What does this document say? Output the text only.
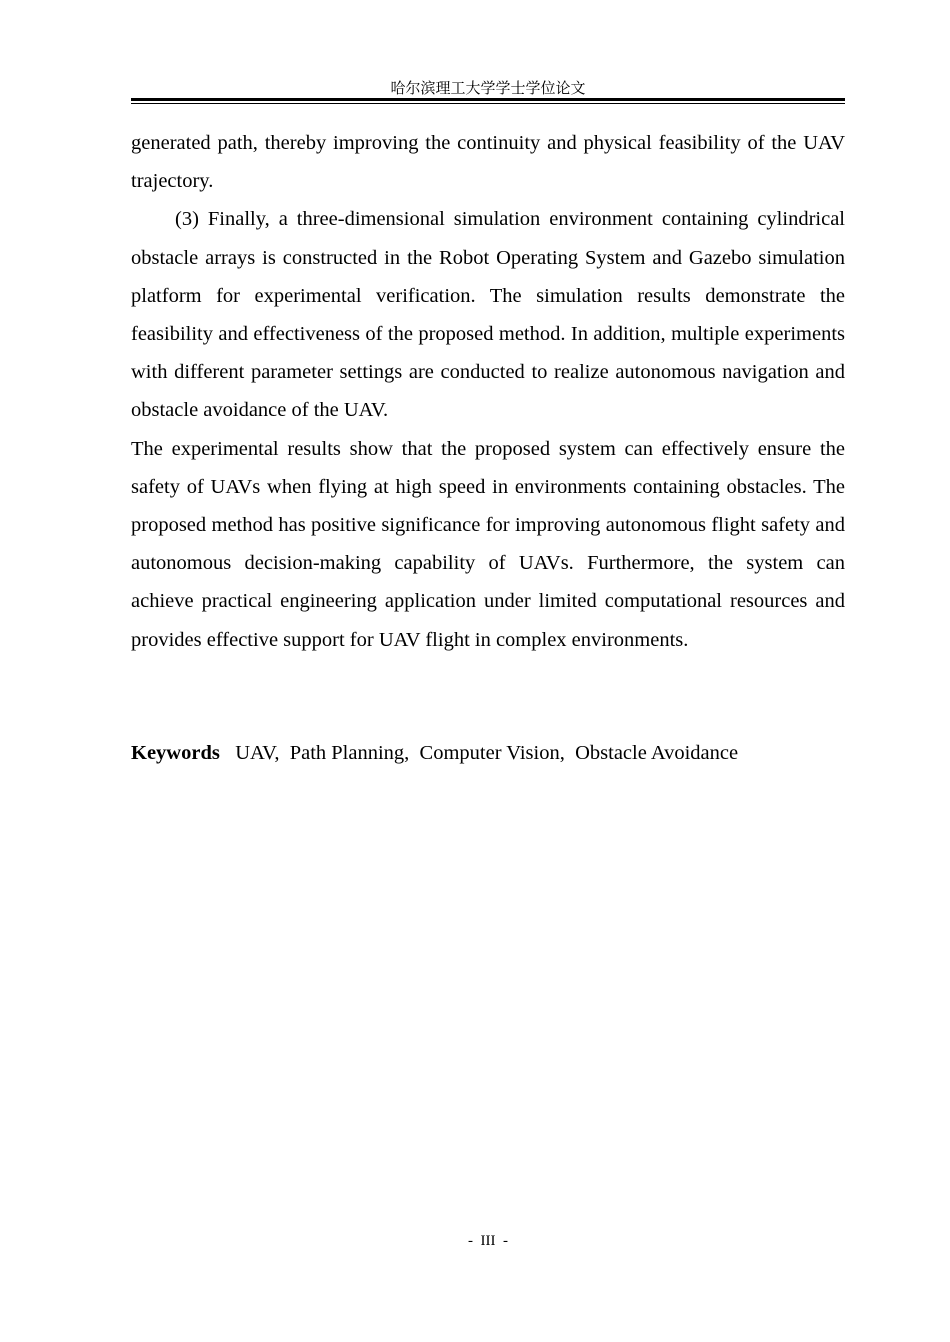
哈尔滨理工大学学士学位论文

generated path, thereby improving the continuity and physical feasibility of the UAV trajectory.

(3) Finally, a three-dimensional simulation environment containing cylindrical obstacle arrays is constructed in the Robot Operating System and Gazebo simulation platform for experimental verification. The simulation results demonstrate the feasibility and effectiveness of the proposed method. In addition, multiple experiments with different parameter settings are conducted to realize autonomous navigation and obstacle avoidance of the UAV.

The experimental results show that the proposed system can effectively ensure the safety of UAVs when flying at high speed in environments containing obstacles. The proposed method has positive significance for improving autonomous flight safety and autonomous decision-making capability of UAVs. Furthermore, the system can achieve practical engineering application under limited computational resources and provides effective support for UAV flight in complex environments.

Keywords UAV,  Path Planning,  Computer Vision,  Obstacle Avoidance
-  III  -
